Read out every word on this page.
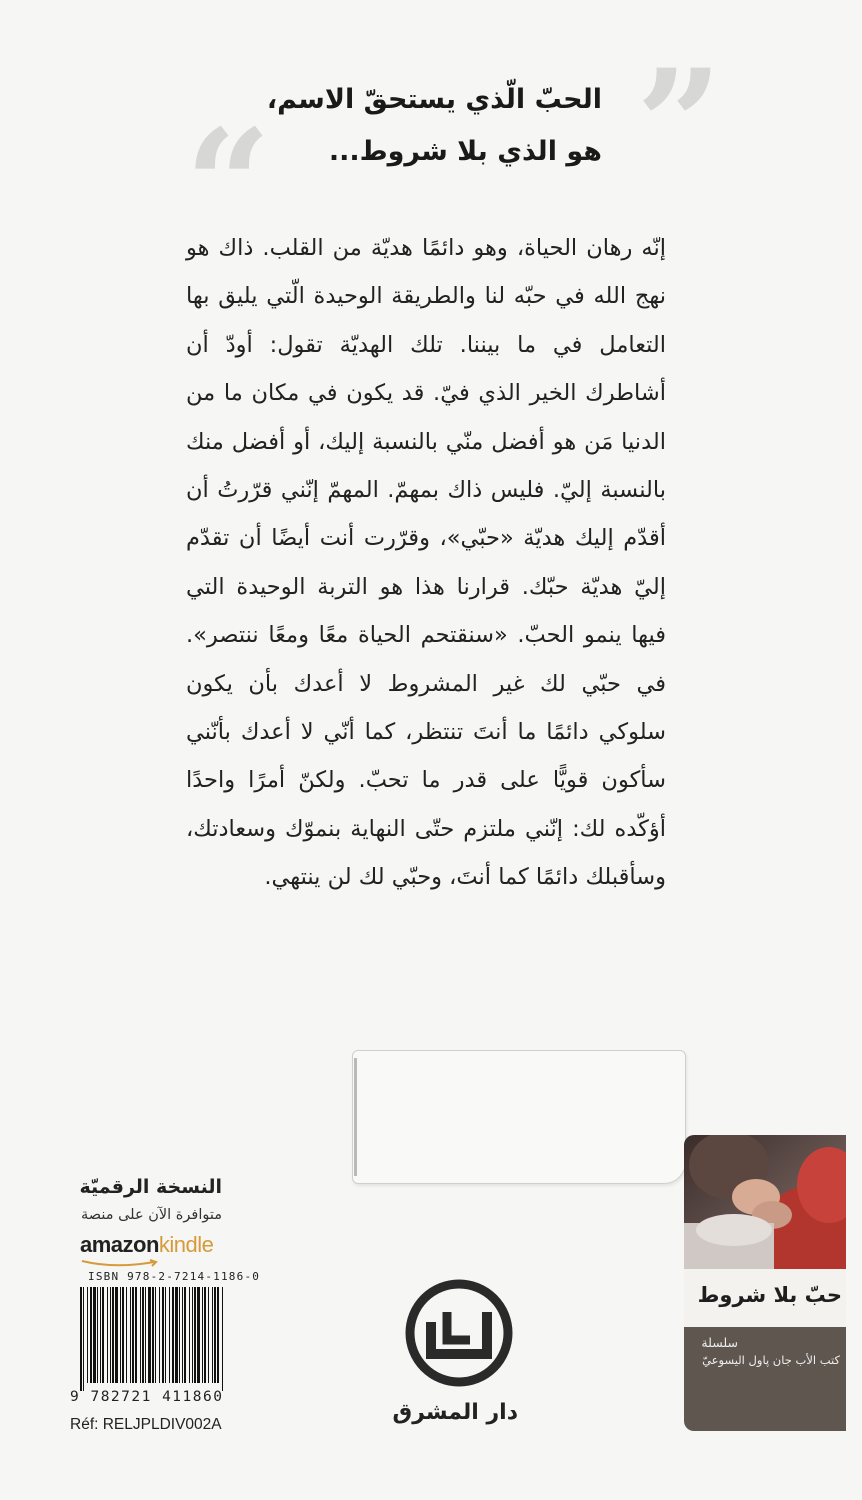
“ ”
الحبّ الّذي يستحقّ الاسم،
هو الذي بلا شروط...

إنّه رهان الحياة، وهو دائمًا هديّة من القلب. ذاك هو نهج الله في حبّه لنا والطريقة الوحيدة الّتي يليق بها التعامل في ما بيننا. تلك الهديّة تقول: أودّ أن أشاطرك الخير الذي فيّ. قد يكون في مكان ما من الدنيا مَن هو أفضل منّي بالنسبة إليك، أو أفضل منك بالنسبة إليّ. فليس ذاك بمهمّ. المهمّ إنّني قرّرتُ أن أقدّم إليك هديّة «حبّي»، وقرّرت أنت أيضًا أن تقدّم إليّ هديّة حبّك. قرارنا هذا هو التربة الوحيدة التي فيها ينمو الحبّ. «سنقتحم الحياة معًا ومعًا ننتصر». في حبّي لك غير المشروط لا أعدك بأن يكون سلوكي دائمًا ما أنتَ تنتظر، كما أنّي لا أعدك بأنّني سأكون قويًّا على قدر ما تحبّ. ولكنّ أمرًا واحدًا أؤكّده لك: إنّني ملتزم حتّى النهاية بنموّك وسعادتك، وسأقبلك دائمًا كما أنتَ، وحبّي لك لن ينتهي.

النسخة الرقميّة
متوافرة الآن على منصة
amazonkindle
ISBN 978-2-7214-1186-0
9 782721 411860
Réf: RELJPLDIV002A	دار المشرق
حبّ بلا شروط
سلسلة
كتب الأب جان پاول اليسوعيّ
